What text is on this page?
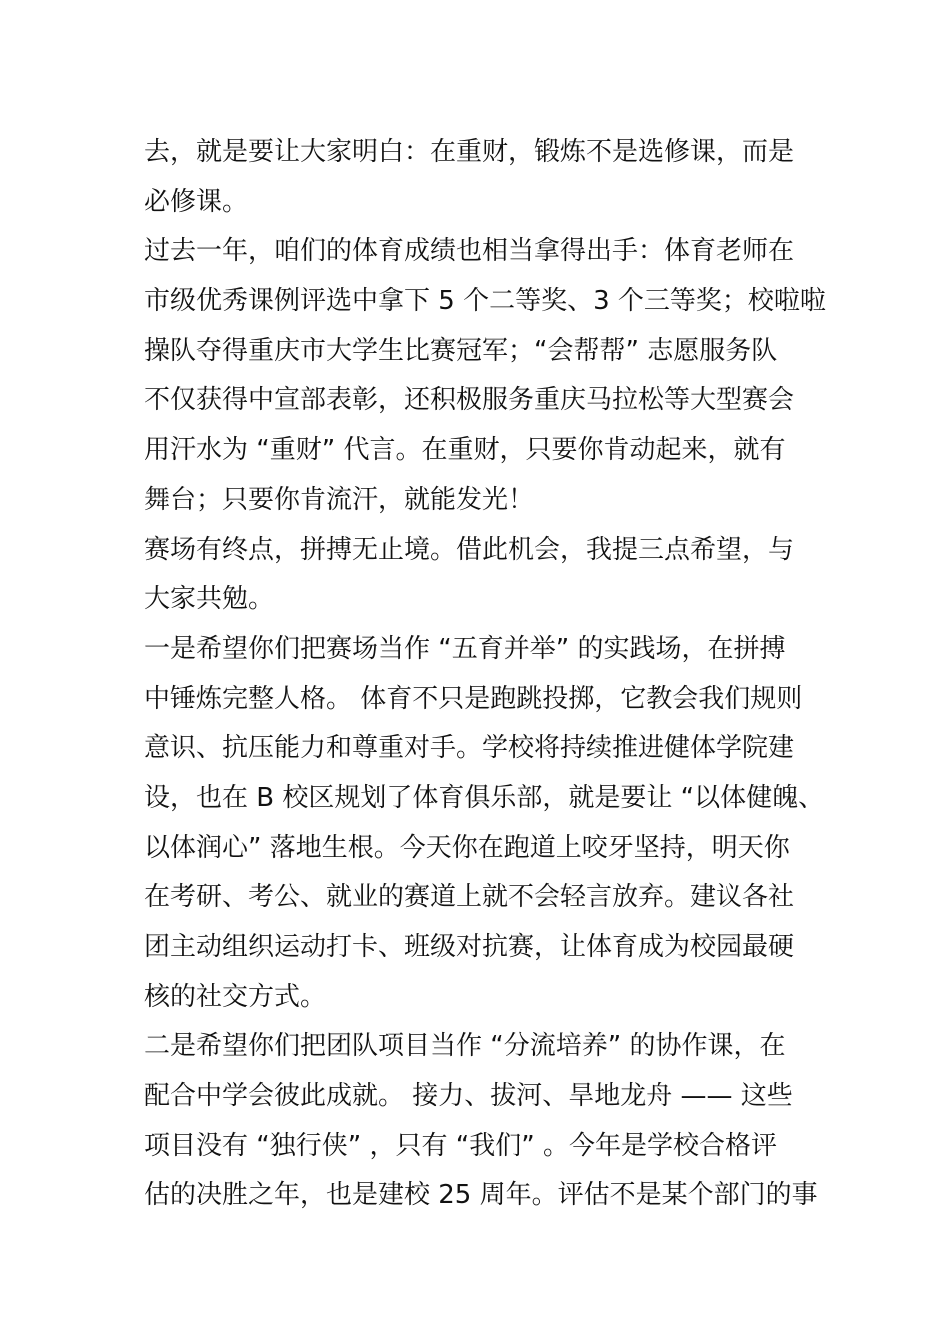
去，就是要让大家明白：在重财，锻炼不是选修课，而是
必修课。
过去一年，咱们的体育成绩也相当拿得出手：体育老师在
市级优秀课例评选中拿下 5 个二等奖、3 个三等奖；校啦啦
操队夺得重庆市大学生比赛冠军；“会帮帮” 志愿服务队
不仅获得中宣部表彰，还积极服务重庆马拉松等大型赛会
用汗水为 “重财” 代言。在重财，只要你肯动起来，就有
舞台；只要你肯流汗，就能发光！
赛场有终点，拼搏无止境。借此机会，我提三点希望，与
大家共勉。
一是希望你们把赛场当作 “五育并举” 的实践场，在拼搏
中锤炼完整人格。 体育不只是跑跳投掷，它教会我们规则
意识、抗压能力和尊重对手。学校将持续推进健体学院建
设，也在 B 校区规划了体育俱乐部，就是要让 “以体健魄、
以体润心” 落地生根。今天你在跑道上咬牙坚持，明天你
在考研、考公、就业的赛道上就不会轻言放弃。建议各社
团主动组织运动打卡、班级对抗赛，让体育成为校园最硬
核的社交方式。
二是希望你们把团队项目当作 “分流培养” 的协作课，在
配合中学会彼此成就。 接力、拔河、旱地龙舟 —— 这些
项目没有 “独行侠” ，只有 “我们” 。今年是学校合格评
估的决胜之年，也是建校 25 周年。评估不是某个部门的事
